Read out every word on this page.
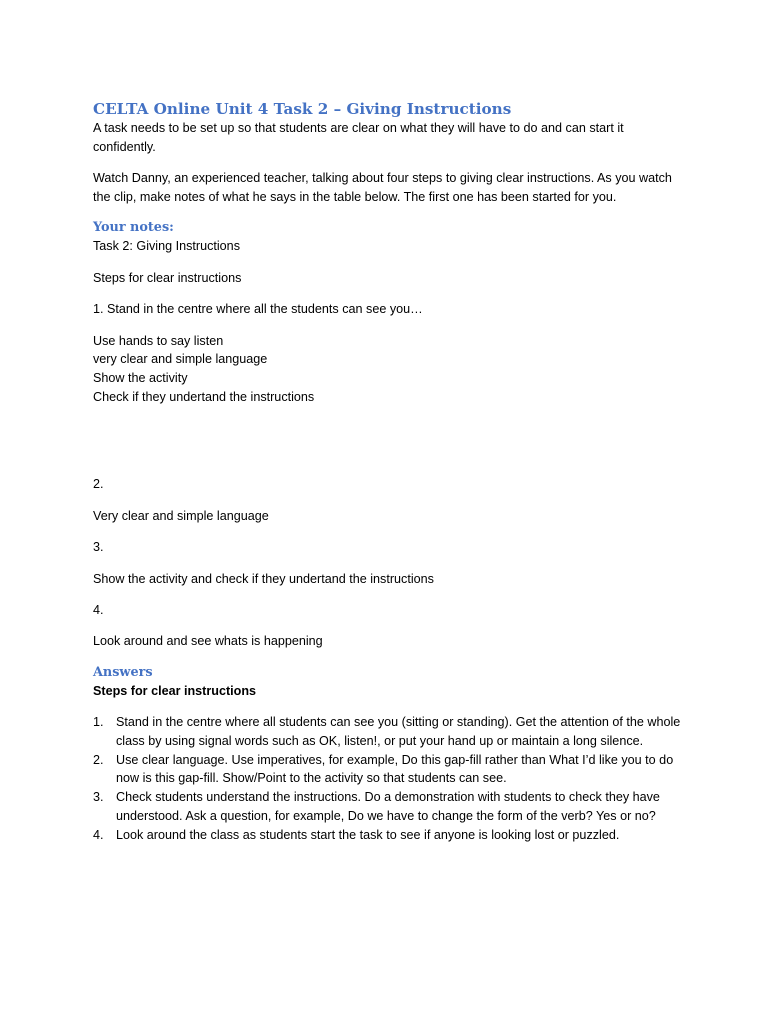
CELTA Online Unit 4 Task 2 – Giving Instructions

A task needs to be set up so that students are clear on what they will have to do and can start it confidently.

Watch Danny, an experienced teacher, talking about four steps to giving clear instructions. As you watch the clip, make notes of what he says in the table below. The first one has been started for you.

Your notes:

Task 2: Giving Instructions

Steps for clear instructions

1. Stand in the centre where all the students can see you…

Use hands to say listen

very clear and simple language

Show the activity

Check if they undertand the instructions

2.

Very clear and simple language

3.

Show the activity and check if they undertand the instructions

4.

Look around and see whats is happening

Answers

Steps for clear instructions

1. Stand in the centre where all students can see you (sitting or standing). Get the attention of the whole class by using signal words such as OK, listen!, or put your hand up or maintain a long silence.
2. Use clear language. Use imperatives, for example, Do this gap-fill rather than What I’d like you to do now is this gap-fill. Show/Point to the activity so that students can see.
3. Check students understand the instructions. Do a demonstration with students to check they have understood. Ask a question, for example, Do we have to change the form of the verb? Yes or no?
4. Look around the class as students start the task to see if anyone is looking lost or puzzled.
